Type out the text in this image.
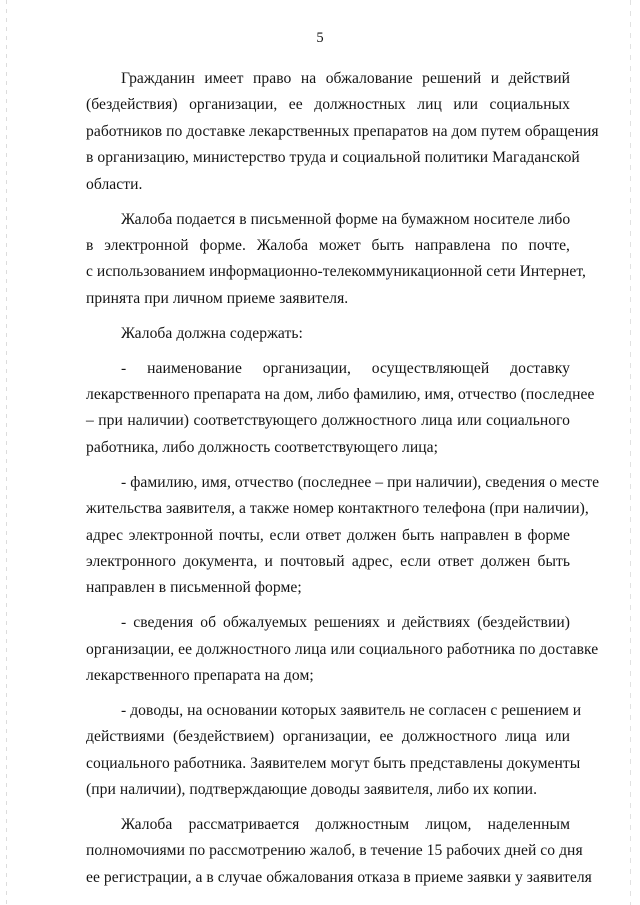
5
Гражданин имеет право на обжалование решений и действий
(бездействия) организации, ее должностных лиц или социальных
работников по доставке лекарственных препаратов на дом путем обращения
в организацию, министерство труда и социальной политики Магаданской
области.
Жалоба подается в письменной форме на бумажном носителе либо
в электронной форме. Жалоба может быть направлена по почте,
с использованием информационно-телекоммуникационной сети Интернет,
принята при личном приеме заявителя.
Жалоба должна содержать:
- наименование организации, осуществляющей доставку
лекарственного препарата на дом, либо фамилию, имя, отчество (последнее
– при наличии) соответствующего должностного лица или социального
работника, либо должность соответствующего лица;
- фамилию, имя, отчество (последнее – при наличии), сведения о месте
жительства заявителя, а также номер контактного телефона (при наличии),
адрес электронной почты, если ответ должен быть направлен в форме
электронного документа, и почтовый адрес, если ответ должен быть
направлен в письменной форме;
- сведения об обжалуемых решениях и действиях (бездействии)
организации, ее должностного лица или социального работника по доставке
лекарственного препарата на дом;
- доводы, на основании которых заявитель не согласен с решением и
действиями (бездействием) организации, ее должностного лица или
социального работника. Заявителем могут быть представлены документы
(при наличии), подтверждающие доводы заявителя, либо их копии.
Жалоба рассматривается должностным лицом, наделенным
полномочиями по рассмотрению жалоб, в течение 15 рабочих дней со дня
ее регистрации, а в случае обжалования отказа в приеме заявки у заявителя
